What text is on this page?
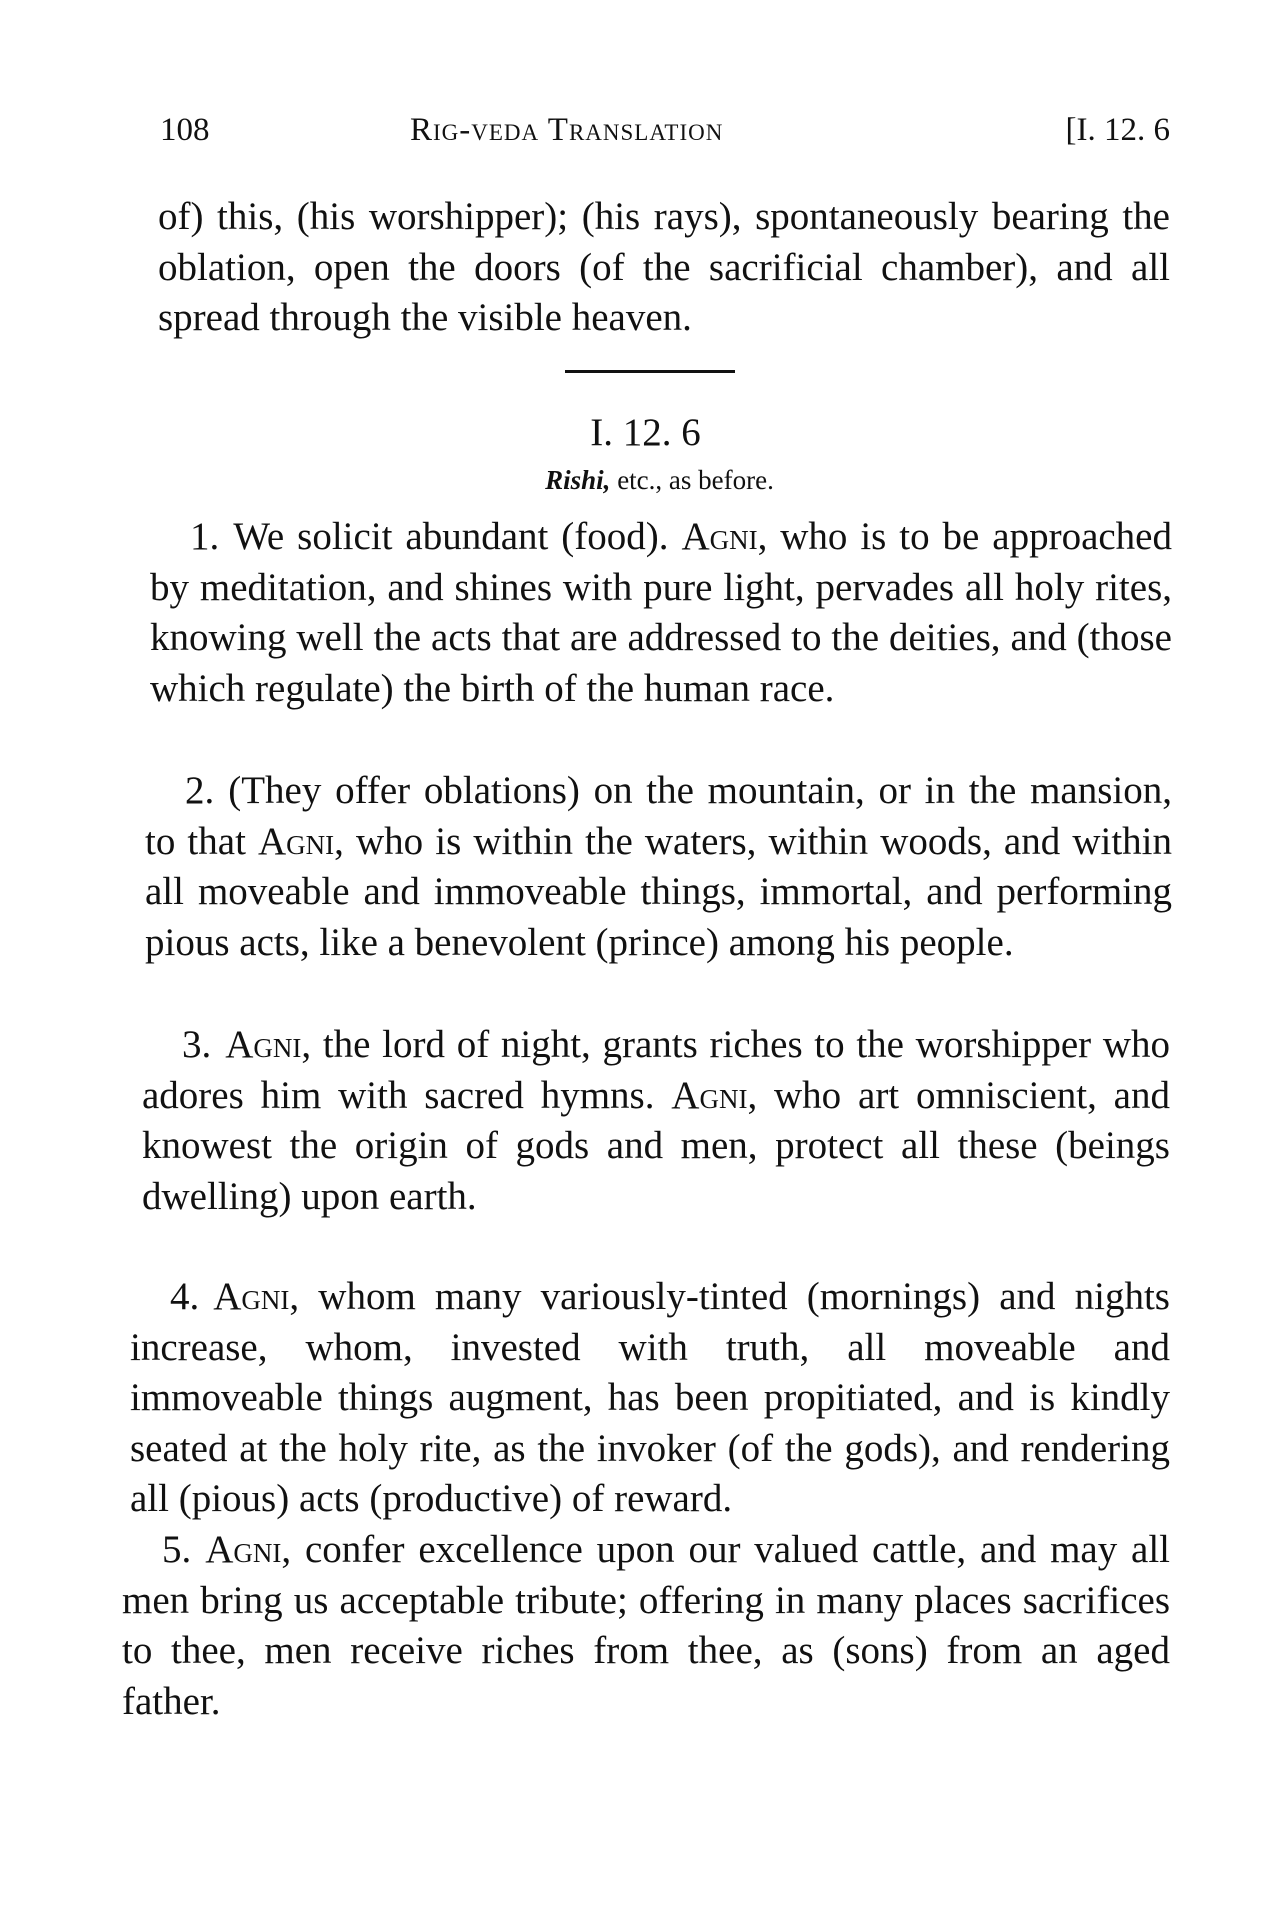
108	Rig-veda Translation	[I. 12. 6

of) this, (his worshipper); (his rays), spontaneously bearing the oblation, open the doors (of the sacrificial chamber), and all spread through the visible heaven.

I. 12. 6
Rishi, etc., as before.

1. We solicit abundant (food). Agni, who is to be approached by meditation, and shines with pure light, pervades all holy rites, knowing well the acts that are addressed to the deities, and (those which regulate) the birth of the human race.

2. (They offer oblations) on the mountain, or in the mansion, to that Agni, who is within the waters, within woods, and within all moveable and immoveable things, immortal, and performing pious acts, like a benevolent (prince) among his people.

3. Agni, the lord of night, grants riches to the worshipper who adores him with sacred hymns. Agni, who art omniscient, and knowest the origin of gods and men, protect all these (beings dwelling) upon earth.

4. Agni, whom many variously-tinted (mornings) and nights increase, whom, invested with truth, all moveable and immoveable things augment, has been propitiated, and is kindly seated at the holy rite, as the invoker (of the gods), and rendering all (pious) acts (productive) of reward.

5. Agni, confer excellence upon our valued cattle, and may all men bring us acceptable tribute; offering in many places sacrifices to thee, men receive riches from thee, as (sons) from an aged father.
